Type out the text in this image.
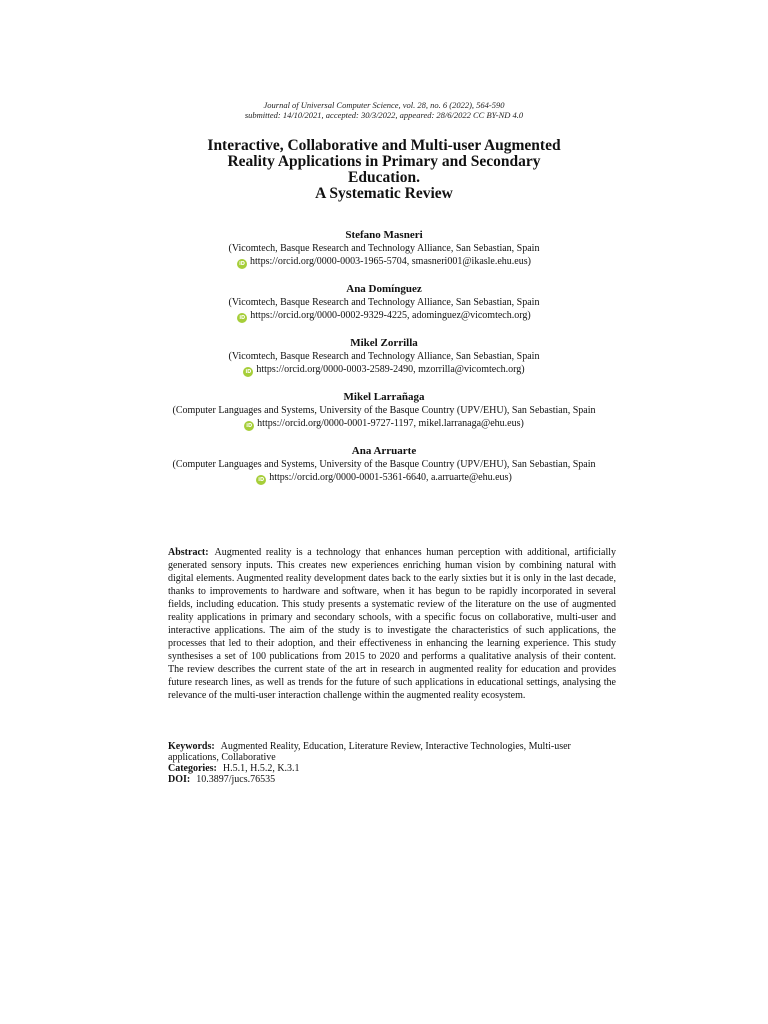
Journal of Universal Computer Science, vol. 28, no. 6 (2022), 564-590
submitted: 14/10/2021, accepted: 30/3/2022, appeared: 28/6/2022 CC BY-ND 4.0
Interactive, Collaborative and Multi-user Augmented
Reality Applications in Primary and Secondary
Education.
A Systematic Review
Stefano Masneri
(Vicomtech, Basque Research and Technology Alliance, San Sebastian, Spain
iD https://orcid.org/0000-0003-1965-5704, smasneri001@ikasle.ehu.eus)
Ana Domínguez
(Vicomtech, Basque Research and Technology Alliance, San Sebastian, Spain
iD https://orcid.org/0000-0002-9329-4225, adominguez@vicomtech.org)
Mikel Zorrilla
(Vicomtech, Basque Research and Technology Alliance, San Sebastian, Spain
iD https://orcid.org/0000-0003-2589-2490, mzorrilla@vicomtech.org)
Mikel Larrañaga
(Computer Languages and Systems, University of the Basque Country (UPV/EHU), San Sebastian, Spain
iD https://orcid.org/0000-0001-9727-1197, mikel.larranaga@ehu.eus)
Ana Arruarte
(Computer Languages and Systems, University of the Basque Country (UPV/EHU), San Sebastian, Spain
iD https://orcid.org/0000-0001-5361-6640, a.arruarte@ehu.eus)
Abstract: Augmented reality is a technology that enhances human perception with additional, artificially generated sensory inputs. This creates new experiences enriching human vision by combining natural with digital elements. Augmented reality development dates back to the early sixties but it is only in the last decade, thanks to improvements to hardware and software, when it has begun to be rapidly incorporated in several fields, including education. This study presents a systematic review of the literature on the use of augmented reality applications in primary and secondary schools, with a specific focus on collaborative, multi-user and interactive applications. The aim of the study is to investigate the characteristics of such applications, the processes that led to their adoption, and their effectiveness in enhancing the learning experience. This study synthesises a set of 100 publications from 2015 to 2020 and performs a qualitative analysis of their content. The review describes the current state of the art in research in augmented reality for education and provides future research lines, as well as trends for the future of such applications in educational settings, analysing the relevance of the multi-user interaction challenge within the augmented reality ecosystem.

Keywords: Augmented Reality, Education, Literature Review, Interactive Technologies, Multi-user applications, Collaborative

Categories: H.5.1, H.5.2, K.3.1

DOI: 10.3897/jucs.76535
